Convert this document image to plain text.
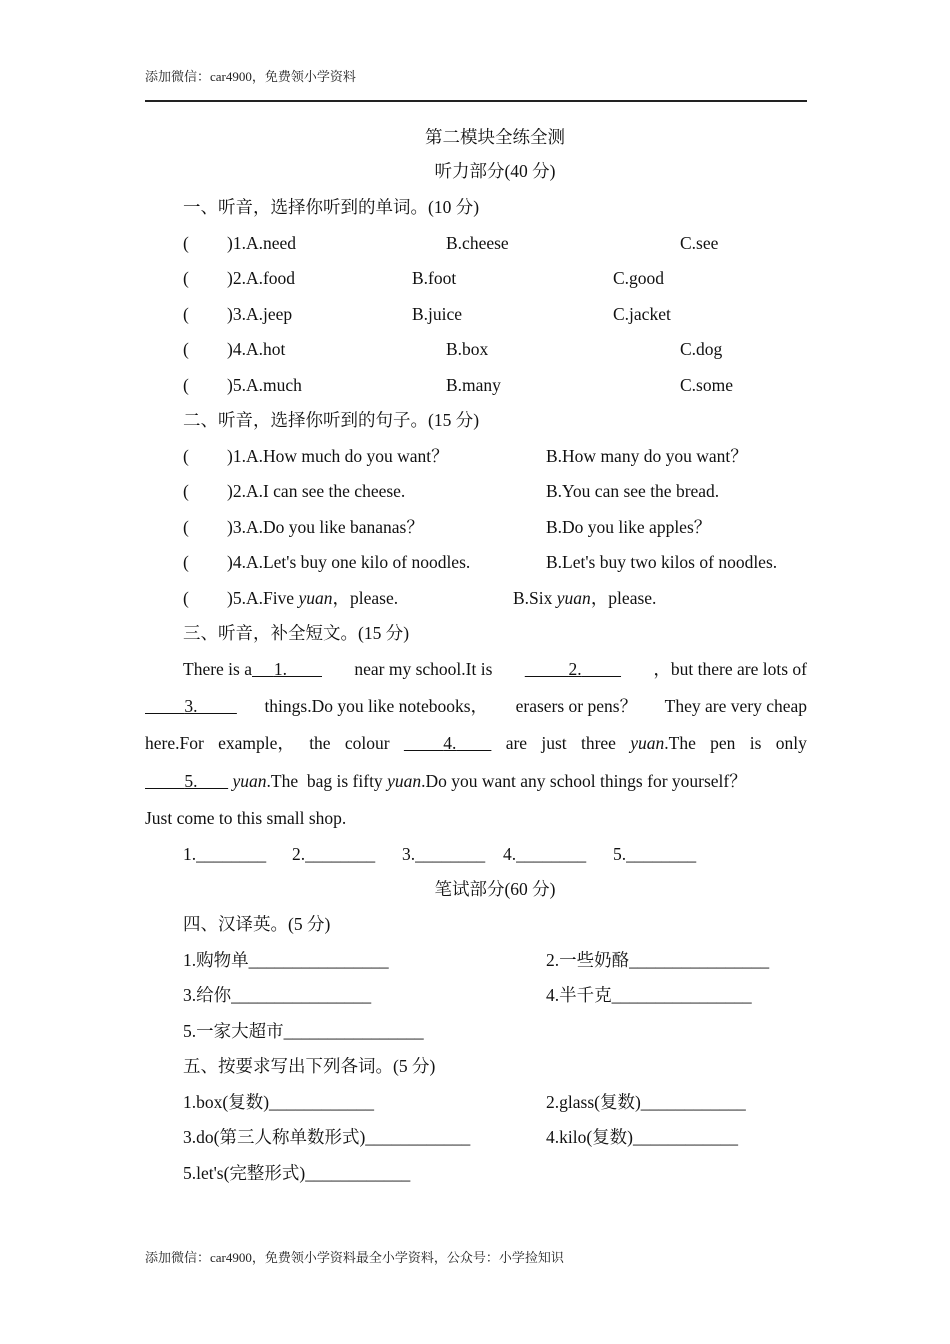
添加微信：car4900，免费领小学资料
第二模块全练全测
听力部分(40 分)
一、听音，选择你听到的单词。(10 分)
( )1.A.need	B.cheese	C.see
( )2.A.food	B.foot	C.good
( )3.A.jeep	B.juice	C.jacket
( )4.A.hot	B.box	C.dog
( )5.A.much	B.many	C.some
二、听音，选择你听到的句子。(15 分)
( )1.A.How much do you want？	B.How many do you want？
( )2.A.I can see the cheese.	B.You can see the bread.
( )3.A.Do you like bananas？	B.Do you like apples？
( )4.A.Let's buy one kilo of noodles.	B.Let's buy two kilos of noodles.
( )5.A.Five yuan，please.	B.Six yuan，please.
三、听音，补全短文。(15 分)
There is a 1.	near my school.It is	2.	，but there are lots of
3.	things.Do you like notebooks， erasers or pens？ They are very cheap
here.For example， the colour	4.	are just three yuan.The pen is only
5. yuan.The  bag is fifty yuan.Do you want any school things for yourself？
Just come to this small shop.
1.________ 2.________ 3.________ 4.________ 5.________
笔试部分(60 分)
四、汉译英。(5 分)
1.购物单________________	2.一些奶酪________________
3.给你________________	4.半千克________________
5.一家大超市________________
五、按要求写出下列各词。(5 分)
1.box(复数)____________	2.glass(复数)____________
3.do(第三人称单数形式)____________	4.kilo(复数)____________
5.let's(完整形式)____________
添加微信：car4900，免费领小学资料最全小学资料，公众号：小学捡知识
